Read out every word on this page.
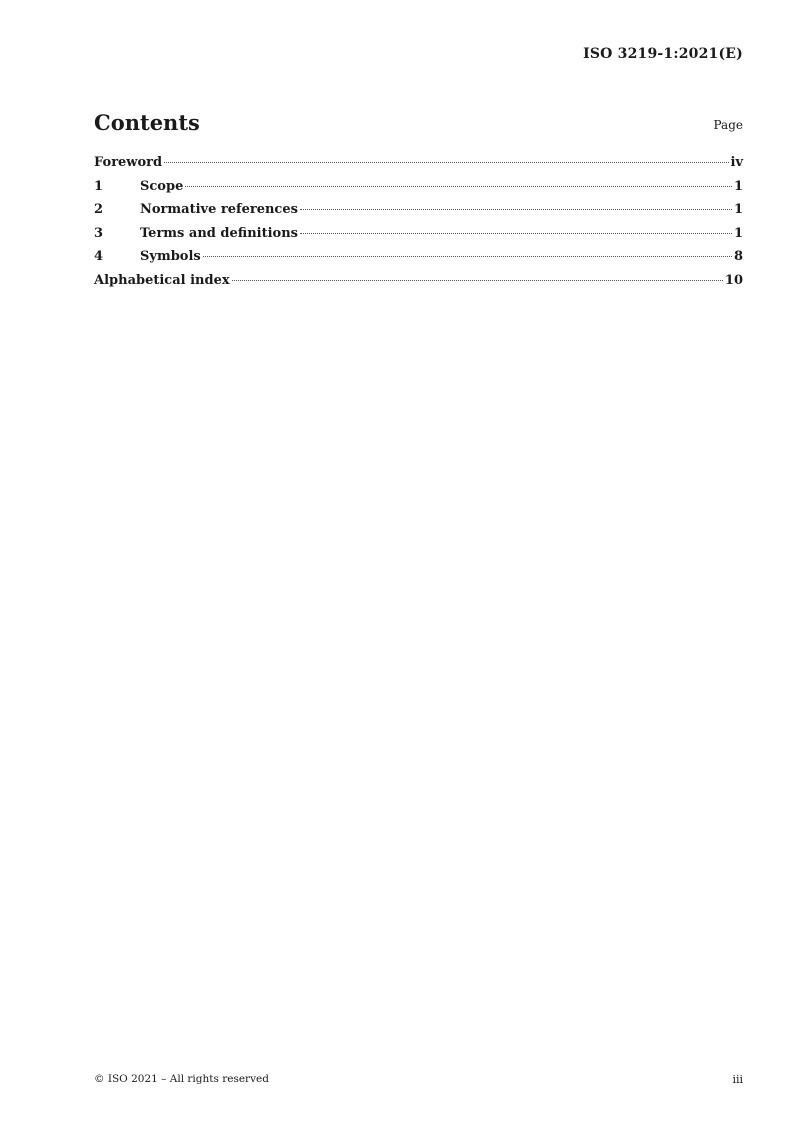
ISO 3219-1:2021(E)
Contents	Page
Foreword	iv
1	Scope	1
2	Normative references	1
3	Terms and definitions	1
4	Symbols	8
Alphabetical index	10
© ISO 2021 – All rights reserved	iii
